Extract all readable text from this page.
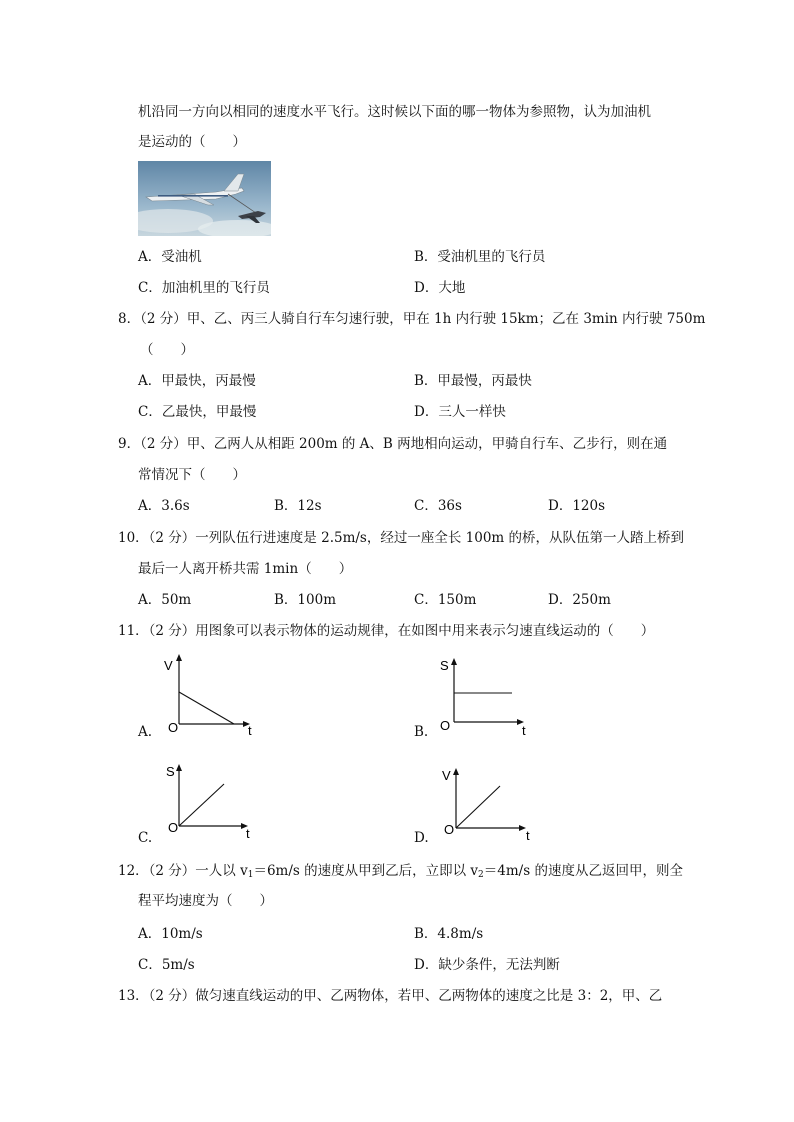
机沿同一方向以相同的速度水平飞行。这时候以下面的哪一物体为参照物，认为加油机
是运动的（　　）
A．受油机	B．受油机里的飞行员
C．加油机里的飞行员	D．大地
8．（2 分）甲、乙、丙三人骑自行车匀速行驶，甲在 1h 内行驶 15km；乙在 3min 内行驶 750m
（　　）
A．甲最快，丙最慢	B．甲最慢，丙最快
C．乙最快，甲最慢	D．三人一样快
9．（2 分）甲、乙两人从相距 200m 的 A、B 两地相向运动，甲骑自行车、乙步行，则在通
常情况下（　　）
A．3.6s	B．12s	C．36s	D．120s
10．（2 分）一列队伍行进速度是 2.5m/s，经过一座全长 100m 的桥，从队伍第一人踏上桥到
最后一人离开桥共需 1min（　　）
A．50m	B．100m	C．150m	D．250m
11．（2 分）用图象可以表示物体的运动规律，在如图中用来表示匀速直线运动的（　　）
A.
V
O	t	B.
S
O	t
C.
S
O	t	D.
V
O	t
12．（2 分）一人以 $v_1=6m/s$ 的速度从甲到乙后，立即以 $v_2=4m/s$ 的速度从乙返回甲，则全
程平均速度为（　　）
A．10m/s	B．4.8m/s
C．5m/s	D．缺少条件，无法判断
13．（2 分）做匀速直线运动的甲、乙两物体，若甲、乙两物体的速度之比是 3：2，甲、乙
